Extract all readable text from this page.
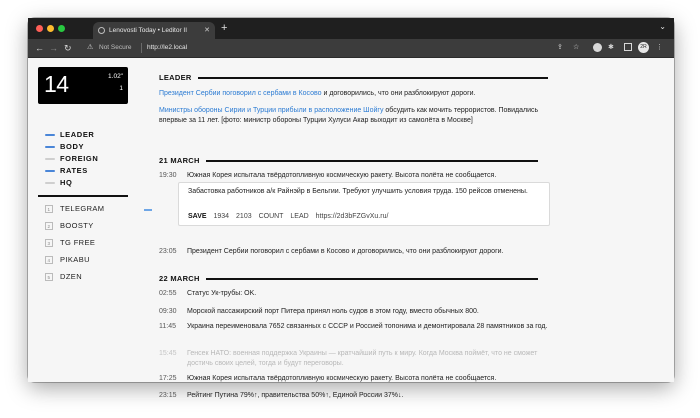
Lenovosti Today • Leditor II ✕ +	⌄
← → ↻ ⚠ Not Secure http://le2.local	⇪ ☆	✱	2R	⋮
14	1.02"
1
LEADER
BODY
FOREIGN
RATES
HQ
1	TELEGRAM
2	BOOSTY
3	TG FREE
4	PIKABU
5	DZEN
LEADER
Президент Сербии поговорил с сербами в Косово и договорились, что они разблокируют дороги.
Министры обороны Сирии и Турции прибыли в расположение Шойгу обсудить как мочить террористов. Повидались впервые за 11 лет. [фото: министр обороны Турции Хулуси Акар выходит из самолёта в Москве]
21 MARCH
19:30 Южная Корея испытала твёрдотопливную космическую ракету. Высота полёта не сообщается.
Забастовка работников а/к Райнэйр в Бельгии. Требуют улучшить условия труда. 150 рейсов отменены.
SAVE 1934 2103 COUNT LEAD https://2d3bFZGvXu.ru/
23:05 Президент Сербии поговорил с сербами в Косово и договорились, что они разблокируют дороги.
22 MARCH
02:55 Статус Ук-трубы: OK.
09:30 Морской пассажирский порт Питера принял ноль судов в этом году, вместо обычных 800.
11:45 Украина переименовала 7652 связанных с СССР и Россией топонима и демонтировала 28 памятников за год.
15:45 Генсек НАТО: военная поддержка Украины — кратчайший путь к миру. Когда Москва поймёт, что не сможет достичь своих целей, тогда и будут переговоры.
17:25 Южная Корея испытала твёрдотопливную космическую ракету. Высота полёта не сообщается.
23:15 Рейтинг Путина 79%↑, правительства 50%↑, Единой России 37%↓.
